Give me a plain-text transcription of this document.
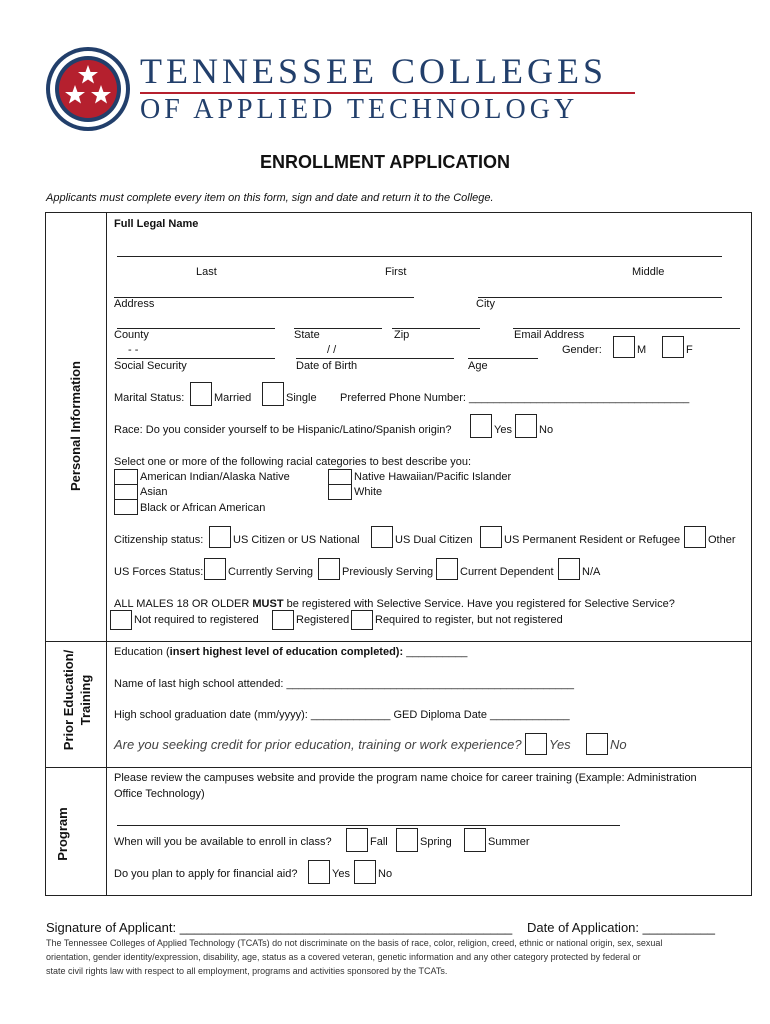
TENNESSEE COLLEGES
OF APPLIED TECHNOLOGY
ENROLLMENT APPLICATION
Applicants must complete every item on this form, sign and date and return it to the College.
Personal Information
Prior Education/ Training
Program
Full Legal Name
Last	First	Middle
Address	City
County	State	Zip	Email Address
- -	/ /	Gender:	M	F
Social Security	Date of Birth	Age
Marital Status:	Married	Single Preferred Phone Number: ____________________________________
Race: Do you consider yourself to be Hispanic/Latino/Spanish origin?	Yes No
Select one or more of the following racial categories to best describe you:
American Indian/Alaska Native	Native Hawaiian/Pacific Islander
Asian	White
Black or African American
Citizenship status:	US Citizen or US National	US Dual Citizen	US Permanent Resident or Refugee	Other
US Forces Status: Currently Serving	Previously Serving Current Dependent	N/A
ALL MALES 18 OR OLDER MUST be registered with Selective Service. Have you registered for Selective Service?
Not required to registered	Registered Required to register, but not registered
Education (insert highest level of education completed): __________
Name of last high school attended: _______________________________________________
High school graduation date (mm/yyyy): _____________ GED Diploma Date _____________
Are you seeking credit for prior education, training or work experience? Yes	No
Please review the campuses website and provide the program name choice for career training (Example: Administration
Office Technology)
When will you be available to enroll in class?	Fall	Spring	Summer
Do you plan to apply for financial aid?	Yes	No
Signature of Applicant: ______________________________________________ Date of Application: __________
The Tennessee Colleges of Applied Technology (TCATs) do not discriminate on the basis of race, color, religion, creed, ethnic or national origin, sex, sexual
orientation, gender identity/expression, disability, age, status as a covered veteran, genetic information and any other category protected by federal or
state civil rights law with respect to all employment, programs and activities sponsored by the TCATs.
